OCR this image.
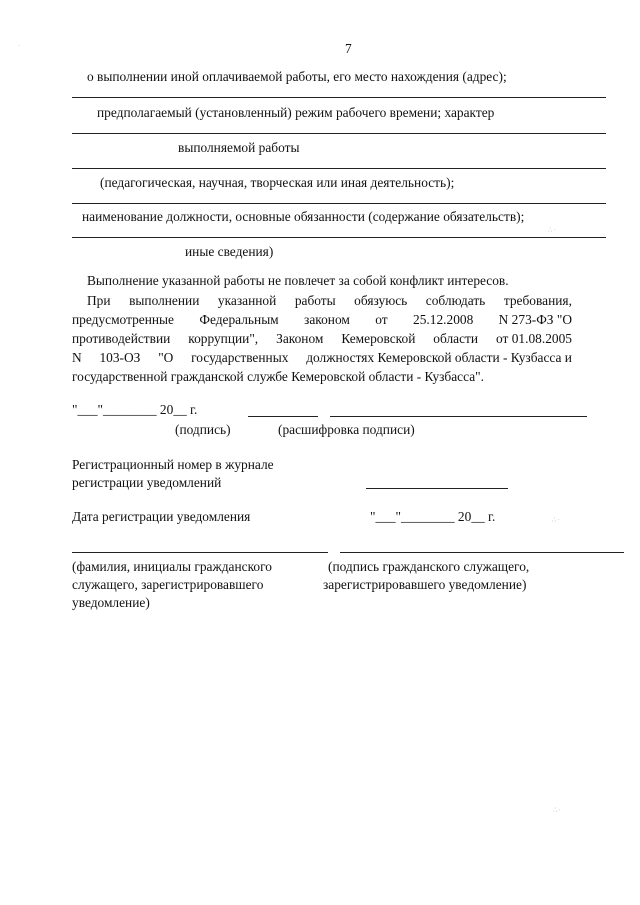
7
о выполнении иной оплачиваемой работы, его место нахождения (адрес);
предполагаемый (установленный) режим рабочего времени; характер
выполняемой работы
(педагогическая, научная, творческая или иная деятельность);
наименование должности, основные обязанности (содержание обязательств);
иные сведения)
Выполнение указанной работы не повлечет за собой конфликт интересов.
При выполнении указанной работы обязуюсь соблюдать требования,
предусмотренные Федеральным законом от 25.12.2008 N 273-ФЗ "О
противодействии коррупции", Законом Кемеровской области от 01.08.2005
N 103-ОЗ "О государственных должностях Кемеровской области - Кузбасса и
государственной гражданской службе Кемеровской области - Кузбасса".
"___"________ 20__ г.
(подпись)	(расшифровка подписи)
Регистрационный номер в журнале
регистрации уведомлений
Дата регистрации уведомления	"___"________ 20__ г.
(фамилия, инициалы гражданского
служащего, зарегистрировавшего
уведомление)
(подпись гражданского служащего,
зарегистрировавшего уведомление)
∴·
∴·
∴·
·
